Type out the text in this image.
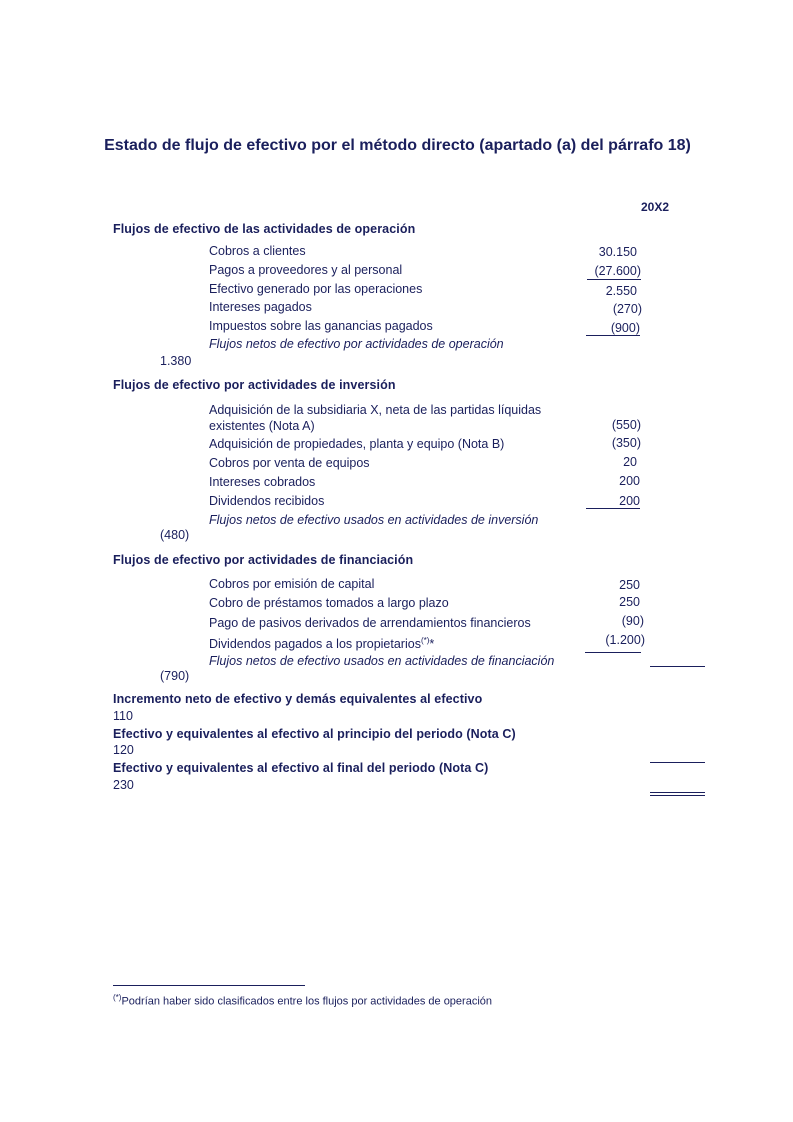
Estado de flujo de efectivo por el método directo (apartado (a) del párrafo 18)
20X2
Flujos de efectivo de las actividades de operación
Cobros a clientes	30.150
Pagos a proveedores y al personal	(27.600)
Efectivo generado por las operaciones	2.550
Intereses pagados	(270)
Impuestos sobre las ganancias pagados	(900)
Flujos netos de efectivo por actividades de operación
1.380
Flujos de efectivo por actividades de inversión
Adquisición de la subsidiaria X, neta de las partidas líquidas
existentes (Nota A)	(550)
Adquisición de propiedades, planta y equipo (Nota B)	(350)
Cobros por venta de equipos	20
Intereses cobrados	200
Dividendos recibidos	200
Flujos netos de efectivo usados en actividades de inversión
(480)
Flujos de efectivo por actividades de financiación
Cobros por emisión de capital	250
Cobro de préstamos tomados a largo plazo	250
Pago de pasivos derivados de arrendamientos financieros	(90)
Dividendos pagados a los propietarios(*)*	(1.200)
Flujos netos de efectivo usados en actividades de financiación
(790)
Incremento neto de efectivo y demás equivalentes al efectivo
110
Efectivo y equivalentes al efectivo al principio del periodo (Nota C)
120
Efectivo y equivalentes al efectivo al final del periodo (Nota C)
230
(*)Podrían haber sido clasificados entre los flujos por actividades de operación
